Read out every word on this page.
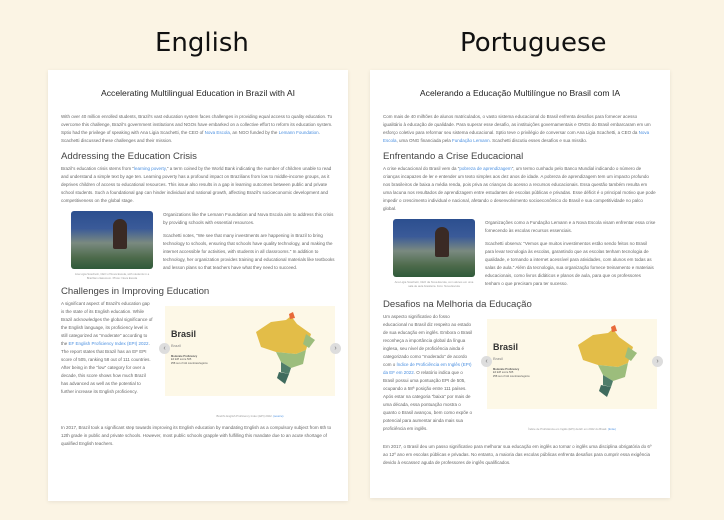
English	Portuguese
Accelerating Multilingual Education in Brazil with AI

With over 40 million enrolled students, Brazil's vast education system faces challenges in providing equal access to quality education. To overcome this challenge, Brazil's government institutions and NGOs have embarked on a collective effort to reform its education system. Sptio had the privilege of speaking with Ana Ligia Scachetti, the CEO of Nova Escola, an NGO funded by the Lemann Foundation. Scachetti discussed these challenges and their mission.

Addressing the Education Crisis

Brazil's education crisis stems from "learning poverty," a term coined by the World Bank indicating the number of children unable to read and understand a simple text by age ten. Learning poverty has a profound impact on Brazilians from low to middle-income groups, as it deprives children of access to educational resources. This issue also results in a gap in learning outcomes between public and private school students. Such a foundational gap can hinder individual and national growth, affecting Brazil's socioeconomic development and competitiveness on the global stage.

Ana Ligia Scachetti, CEO of Nova Escola, with students in a Brazilian classroom. Photo: Nova Escola

Organizations like the Lemann Foundation and Nova Escola aim to address this crisis by providing schools with essential resources.

Scachetti notes, "We see that many investments are happening in Brazil to bring technology to schools, ensuring that schools have quality technology, and making the internet accessible for activities, with students in all classrooms." In addition to technology, her organization provides training and educational materials like textbooks and lesson plans so that teachers have what they need to succeed.

Challenges in Improving Education

A significant aspect of Brazil's education gap is the state of its English education. While Brazil acknowledges the global significance of the English language, its proficiency level is still categorized as "moderate" according to the EF English Proficiency Index (EPI) 2022. The report states that Brazil has an EF EPI score of 505, ranking 58 out of 111 countries. After being in the "low" category for over a decade, this score shows how much Brazil has advanced as well as the potential to further increase its English proficiency.

Brasil
Brazil
Moderate Proficiency
EF EPI score 505
#58 out of 111 countries/regions
‹	›
Brazil's English Proficiency Index (EPI) 2022. (source)

In 2017, Brazil took a significant step towards improving its English education by mandating English as a compulsory subject from 6th to 12th grade in public and private schools. However, most public schools grapple with fulfilling this mandate due to an acute shortage of qualified English teachers.

Acelerando a Educação Multilíngue no Brasil com IA

Com mais de 40 milhões de alunos matriculados, o vasto sistema educacional do Brasil enfrenta desafios para fornecer acesso igualitário à educação de qualidade. Para superar esse desafio, as instituições governamentais e ONGs do Brasil embarcaram em um esforço coletivo para reformar seu sistema educacional. Sptio teve o privilégio de conversar com Ana Ligia Scachetti, a CEO da Nova Escola, uma ONG financiada pela Fundação Lemann. Scachetti discutiu esses desafios e sua missão.

Enfrentando a Crise Educacional

A crise educacional do Brasil vem da "pobreza de aprendizagem", um termo cunhado pelo Banco Mundial indicando o número de crianças incapazes de ler e entender um texto simples aos dez anos de idade. A pobreza de aprendizagem tem um impacto profundo nos brasileiros de baixa a média renda, pois priva as crianças do acesso a recursos educacionais. Essa questão também resulta em uma lacuna nos resultados de aprendizagem entre estudantes de escolas públicas e privadas. Esse déficit é o principal motivo que pode impedir o crescimento individual e nacional, afetando o desenvolvimento socioeconômico do Brasil e sua competitividade no palco global.

Ana Ligia Scachetti, CEO da Nova Escola, com alunos em uma sala de aula brasileira. Foto: Nova Escola

Organizações como a Fundação Lemann e a Nova Escola visam enfrentar essa crise fornecendo às escolas recursos essenciais.

Scachetti observa: "Vemos que muitos investimentos estão sendo feitos no Brasil para levar tecnologia às escolas, garantindo que as escolas tenham tecnologia de qualidade, e tornando a internet acessível para atividades, com alunos em todas as salas de aula." Além da tecnologia, sua organização fornece treinamento e materiais educacionais, como livros didáticos e planos de aula, para que os professores tenham o que precisam para ter sucesso.

Desafios na Melhoria da Educação

Um aspecto significativo do fosso educacional no Brasil diz respeito ao estado de sua educação em inglês. Embora o Brasil reconheça a importância global da língua inglesa, seu nível de proficiência ainda é categorizado como "moderado" de acordo com o Índice de Proficiência em Inglês (EPI) da EF em 2022. O relatório indica que o Brasil possui uma pontuação EPI de 505, ocupando a 58ª posição entre 111 países. Após estar na categoria "baixa" por mais de uma década, essa pontuação mostra o quanto o Brasil avançou, bem como expõe o potencial para aumentar ainda mais sua proficiência em inglês.

Brasil
Brasil
Moderate Proficiency
EF EPI score 505
#58 out of 111 countries/regions
‹	›
Índice de Proficiência em Inglês (EPI) da EF em 2022 do Brasil. (fonte)

Em 2017, o Brasil deu um passo significativo para melhorar sua educação em inglês ao tornar o inglês uma disciplina obrigatória do 6º ao 12º ano em escolas públicas e privadas. No entanto, a maioria das escolas públicas enfrenta desafios para cumprir essa exigência devido à escassez aguda de professores de inglês qualificados.
